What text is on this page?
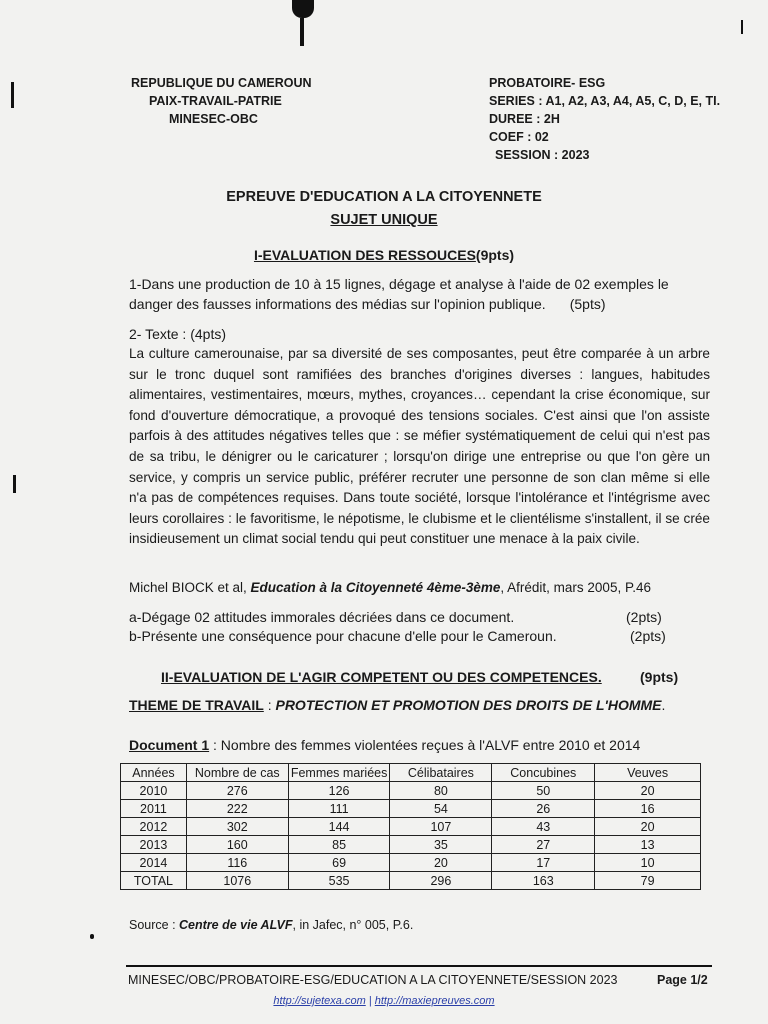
REPUBLIQUE DU CAMEROUN
PAIX-TRAVAIL-PATRIE
MINESEC-OBC
PROBATOIRE- ESG
SERIES : A1, A2, A3, A4, A5, C, D, E, TI.
DUREE : 2H
COEF : 02
SESSION : 2023
EPREUVE D'EDUCATION A LA CITOYENNETE
SUJET UNIQUE
I-EVALUATION DES RESSOUCES(9pts)
1-Dans une production de 10 à 15 lignes, dégage et analyse à l'aide de 02 exemples le
danger des fausses informations des médias sur l'opinion publique. (5pts)
2- Texte : (4pts)
La culture camerounaise, par sa diversité de ses composantes, peut être comparée à un arbre sur le tronc duquel sont ramifiées des branches d'origines diverses : langues, habitudes alimentaires, vestimentaires, mœurs, mythes, croyances… cependant la crise économique, sur fond d'ouverture démocratique, a provoqué des tensions sociales. C'est ainsi que l'on assiste parfois à des attitudes négatives telles que : se méfier systématiquement de celui qui n'est pas de sa tribu, le dénigrer ou le caricaturer ; lorsqu'on dirige une entreprise ou que l'on gère un service, y compris un service public, préférer recruter une personne de son clan même si elle n'a pas de compétences requises. Dans toute société, lorsque l'intolérance et l'intégrisme avec leurs corollaires : le favoritisme, le népotisme, le clubisme et le clientélisme s'installent, il se crée insidieusement un climat social tendu qui peut constituer une menace à la paix civile.
Michel BIOCK et al, Education à la Citoyenneté 4ème-3ème, Afrédit, mars 2005, P.46
a-Dégage 02 attitudes immorales décriées dans ce document.	(2pts)
b-Présente une conséquence pour chacune d'elle pour le Cameroun.	(2pts)
II-EVALUATION DE L'AGIR COMPETENT OU DES COMPETENCES.	(9pts)
THEME DE TRAVAIL : PROTECTION ET PROMOTION DES DROITS DE L'HOMME.
Document 1 : Nombre des femmes violentées reçues à l'ALVF entre 2010 et 2014
Années	Nombre de cas	Femmes mariées	Célibataires	Concubines	Veuves
2010	276	126	80	50	20
2011	222	111	54	26	16
2012	302	144	107	43	20
2013	160	85	35	27	13
2014	116	69	20	17	10
TOTAL	1076	535	296	163	79
Source : Centre de vie ALVF, in Jafec, n° 005, P.6.
MINESEC/OBC/PROBATOIRE-ESG/EDUCATION A LA CITOYENNETE/SESSION 2023	Page 1/2
http://sujetexa.com | http://maxiepreuves.com
